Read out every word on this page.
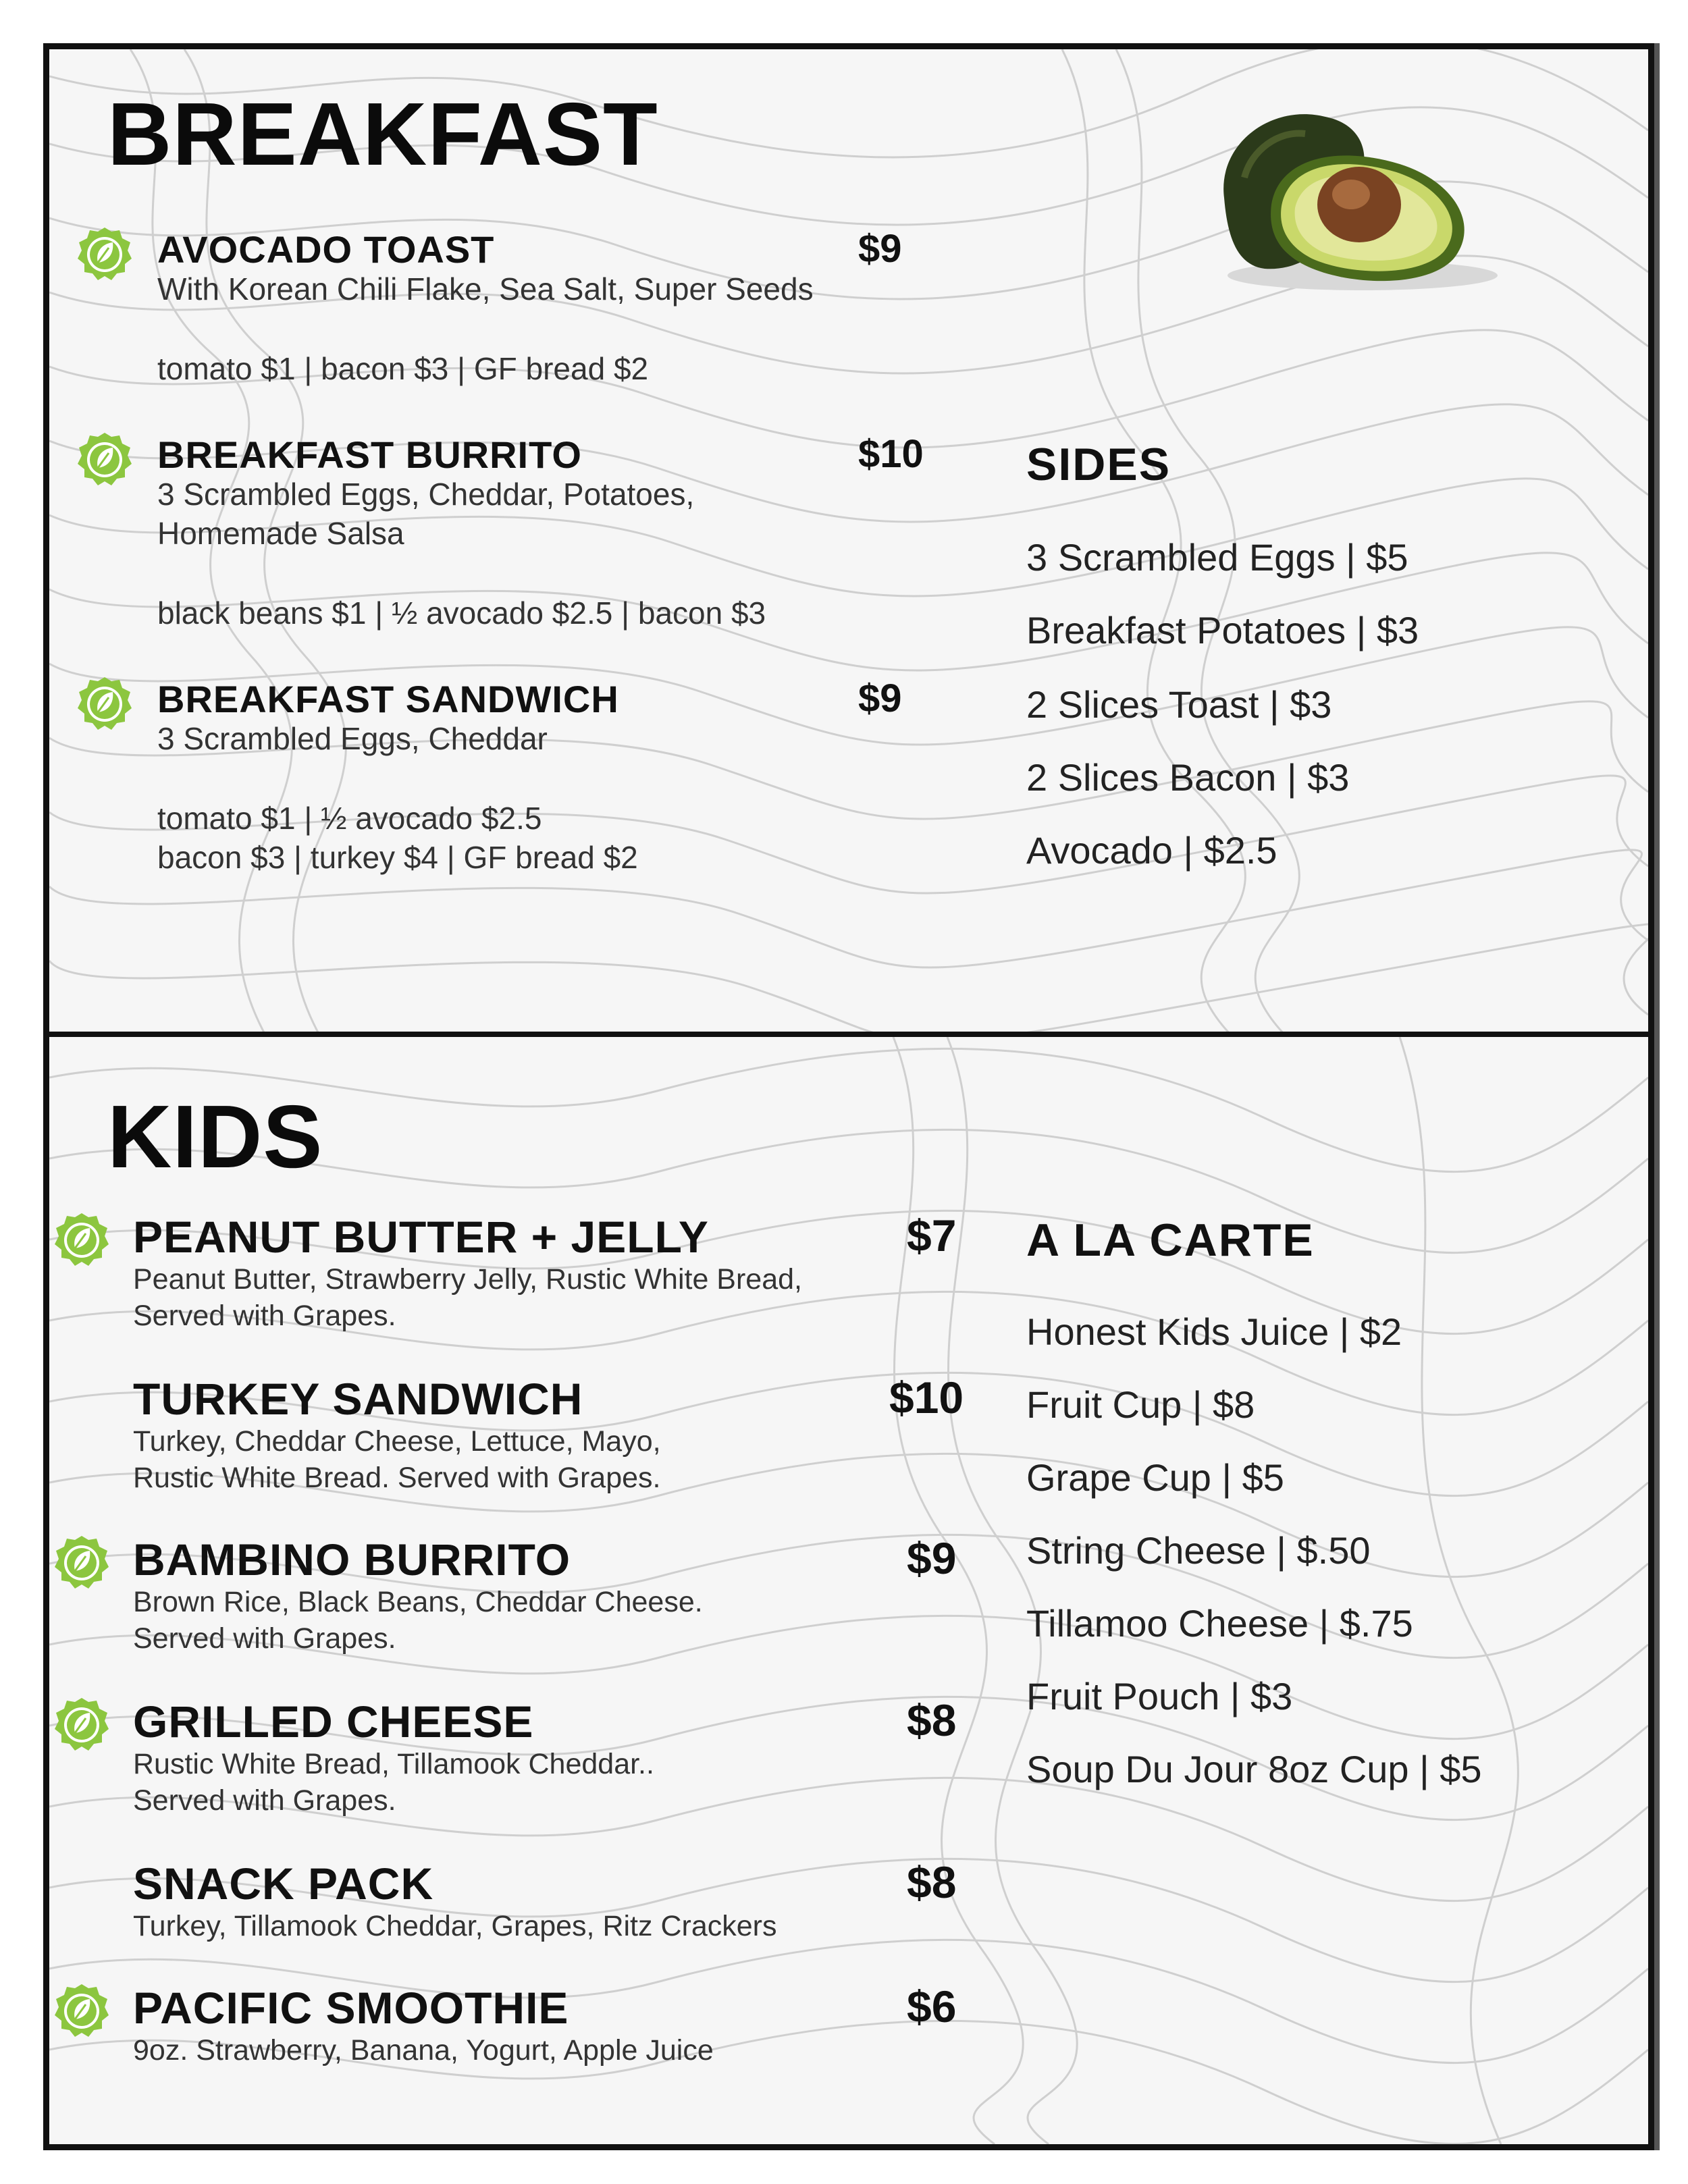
BREAKFAST
AVOCADO TOAST	$9
With Korean Chili Flake, Sea Salt, Super Seeds
tomato $1 | bacon $3 | GF bread $2
BREAKFAST BURRITO	$10
3 Scrambled Eggs, Cheddar, Potatoes,
Homemade Salsa
black beans $1 | ½ avocado $2.5 | bacon $3
BREAKFAST SANDWICH	$9
3 Scrambled Eggs, Cheddar
tomato $1 | ½ avocado $2.5
bacon $3 | turkey $4 | GF bread $2
SIDES
3 Scrambled Eggs | $5
Breakfast Potatoes | $3
2 Slices Toast | $3
2 Slices Bacon | $3
Avocado | $2.5
KIDS
PEANUT BUTTER + JELLY	$7
Peanut Butter, Strawberry Jelly, Rustic White Bread,
Served with Grapes.
TURKEY SANDWICH	$10
Turkey, Cheddar Cheese, Lettuce, Mayo,
Rustic White Bread. Served with Grapes.
BAMBINO BURRITO	$9
Brown Rice, Black Beans, Cheddar Cheese.
Served with Grapes.
GRILLED CHEESE	$8
Rustic White Bread, Tillamook Cheddar..
Served with Grapes.
SNACK PACK	$8
Turkey, Tillamook Cheddar, Grapes, Ritz Crackers
PACIFIC SMOOTHIE	$6
9oz. Strawberry, Banana, Yogurt, Apple Juice
A LA CARTE
Honest Kids Juice | $2
Fruit Cup | $8
Grape Cup | $5
String Cheese | $.50
Tillamoo Cheese | $.75
Fruit Pouch | $3
Soup Du Jour 8oz Cup | $5
